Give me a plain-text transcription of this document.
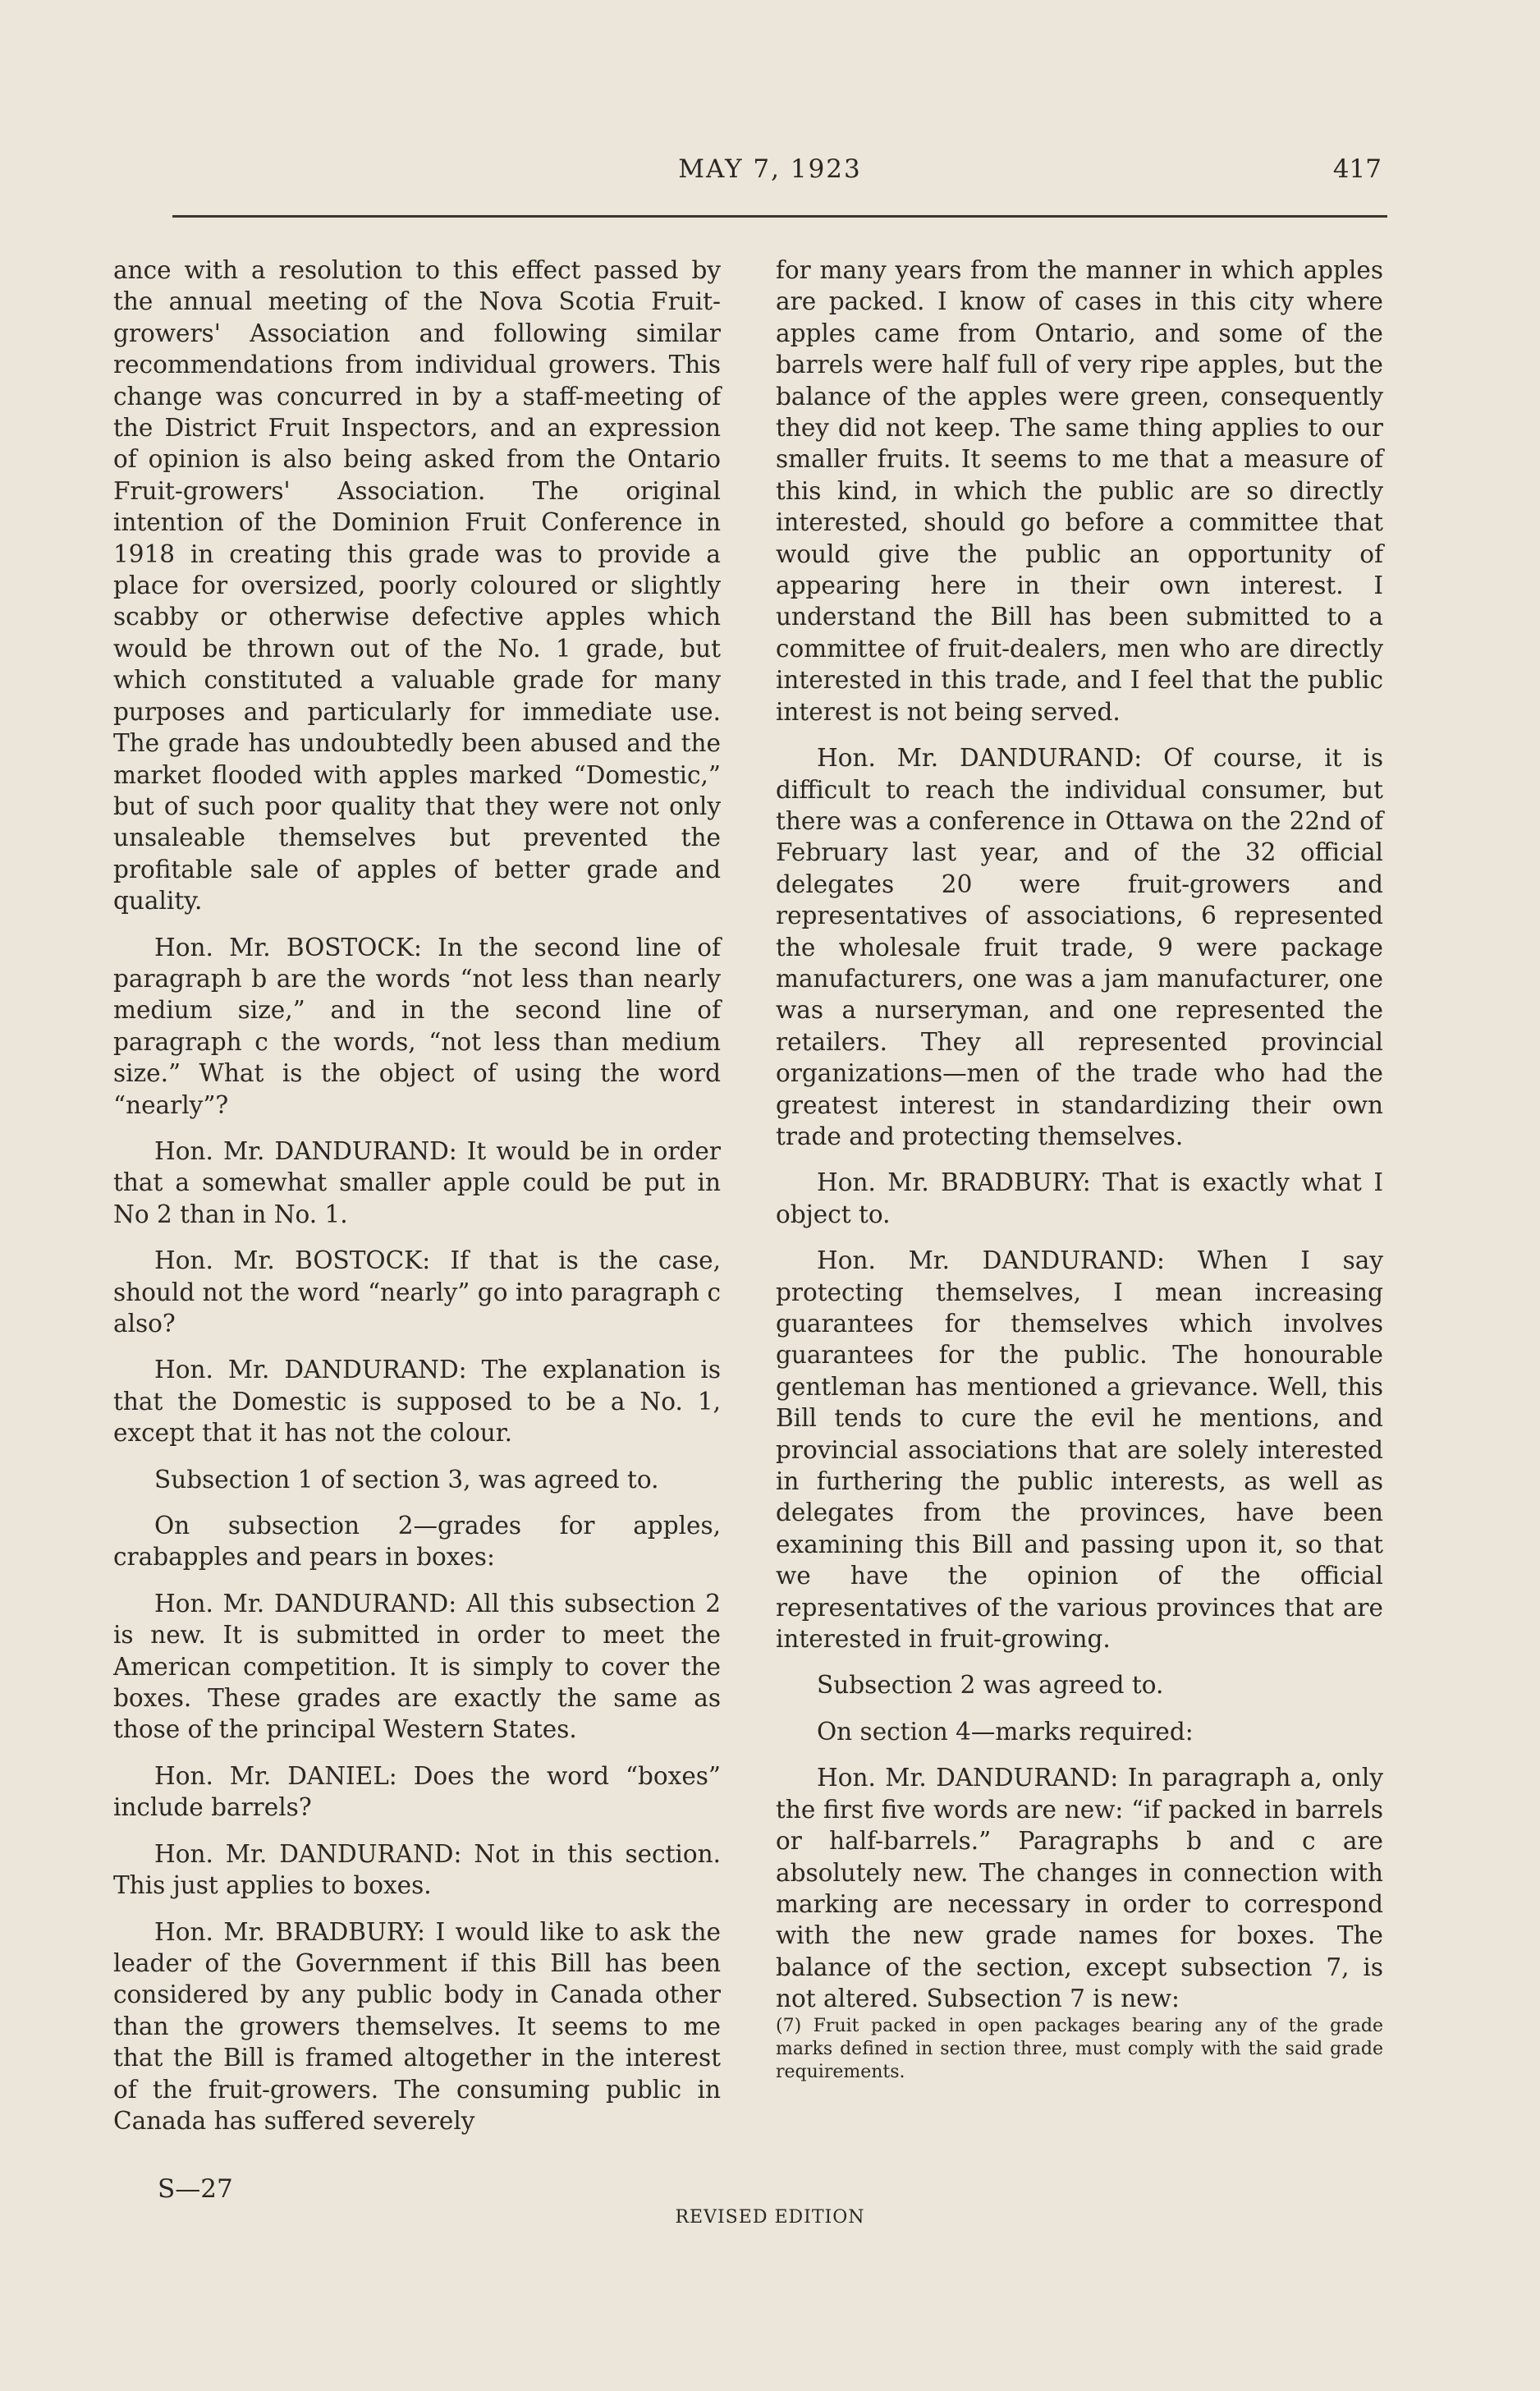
MAY 7, 1923	417

ance with a resolution to this effect passed by the annual meeting of the Nova Scotia Fruit-growers' Association and following similar recommendations from individual growers. This change was concurred in by a staff-meeting of the District Fruit Inspectors, and an expression of opinion is also being asked from the Ontario Fruit-growers' Association. The original intention of the Dominion Fruit Conference in 1918 in creating this grade was to provide a place for oversized, poorly coloured or slightly scabby or otherwise defective apples which would be thrown out of the No. 1 grade, but which constituted a valuable grade for many purposes and particularly for immediate use. The grade has undoubtedly been abused and the market flooded with apples marked “Domestic,” but of such poor quality that they were not only unsaleable themselves but prevented the profitable sale of apples of better grade and quality.

Hon. Mr. BOSTOCK: In the second line of paragraph b are the words “not less than nearly medium size,” and in the second line of paragraph c the words, “not less than medium size.” What is the object of using the word “nearly”?

Hon. Mr. DANDURAND: It would be in order that a somewhat smaller apple could be put in No 2 than in No. 1.

Hon. Mr. BOSTOCK: If that is the case, should not the word “nearly” go into paragraph c also?

Hon. Mr. DANDURAND: The explanation is that the Domestic is supposed to be a No. 1, except that it has not the colour.

Subsection 1 of section 3, was agreed to.

On subsection 2—grades for apples, crabapples and pears in boxes:

Hon. Mr. DANDURAND: All this subsection 2 is new. It is submitted in order to meet the American competition. It is simply to cover the boxes. These grades are exactly the same as those of the principal Western States.

Hon. Mr. DANIEL: Does the word “boxes” include barrels?

Hon. Mr. DANDURAND: Not in this section. This just applies to boxes.

Hon. Mr. BRADBURY: I would like to ask the leader of the Government if this Bill has been considered by any public body in Canada other than the growers themselves. It seems to me that the Bill is framed altogether in the interest of the fruit-growers. The consuming public in Canada has suffered severely

for many years from the manner in which apples are packed. I know of cases in this city where apples came from Ontario, and some of the barrels were half full of very ripe apples, but the balance of the apples were green, consequently they did not keep. The same thing applies to our smaller fruits. It seems to me that a measure of this kind, in which the public are so directly interested, should go before a committee that would give the public an opportunity of appearing here in their own interest. I understand the Bill has been submitted to a committee of fruit-dealers, men who are directly interested in this trade, and I feel that the public interest is not being served.

Hon. Mr. DANDURAND: Of course, it is difficult to reach the individual consumer, but there was a conference in Ottawa on the 22nd of February last year, and of the 32 official delegates 20 were fruit-growers and representatives of associations, 6 represented the wholesale fruit trade, 9 were package manufacturers, one was a jam manufacturer, one was a nurseryman, and one represented the retailers. They all represented provincial organizations—men of the trade who had the greatest interest in standardizing their own trade and protecting themselves.

Hon. Mr. BRADBURY: That is exactly what I object to.

Hon. Mr. DANDURAND: When I say protecting themselves, I mean increasing guarantees for themselves which involves guarantees for the public. The honourable gentleman has mentioned a grievance. Well, this Bill tends to cure the evil he mentions, and provincial associations that are solely interested in furthering the public interests, as well as delegates from the provinces, have been examining this Bill and passing upon it, so that we have the opinion of the official representatives of the various provinces that are interested in fruit-growing.

Subsection 2 was agreed to.

On section 4—marks required:

Hon. Mr. DANDURAND: In paragraph a, only the first five words are new: “if packed in barrels or half-barrels.” Paragraphs b and c are absolutely new. The changes in connection with marking are necessary in order to correspond with the new grade names for boxes. The balance of the section, except subsection 7, is not altered. Subsection 7 is new:

(7) Fruit packed in open packages bearing any of the grade marks defined in section three, must comply with the said grade requirements.

S—27
REVISED EDITION
